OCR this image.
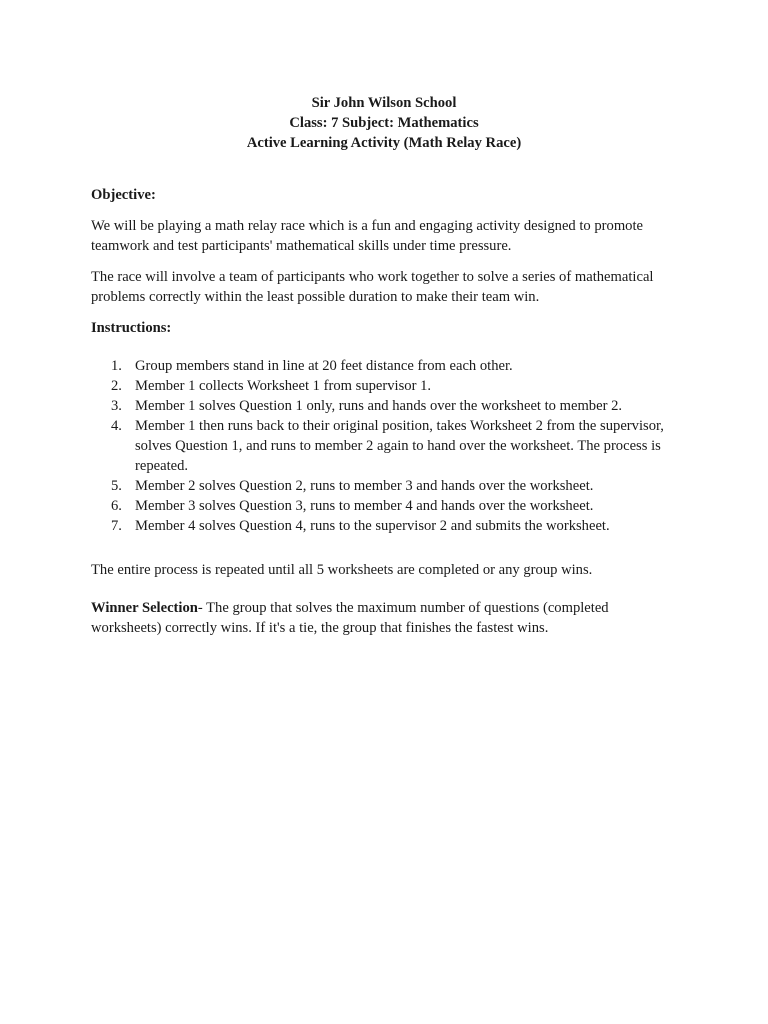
Sir John Wilson School
Class: 7 Subject: Mathematics
Active Learning Activity (Math Relay Race)
Objective:

We will be playing a math relay race which is a fun and engaging activity designed to promote teamwork and test participants' mathematical skills under time pressure.

The race will involve a team of participants who work together to solve a series of mathematical problems correctly within the least possible duration to make their team win.

Instructions:
1. Group members stand in line at 20 feet distance from each other.
2. Member 1 collects Worksheet 1 from supervisor 1.
3. Member 1 solves Question 1 only, runs and hands over the worksheet to member 2.
4. Member 1 then runs back to their original position, takes Worksheet 2 from the supervisor, solves Question 1, and runs to member 2 again to hand over the worksheet. The process is repeated.
5. Member 2 solves Question 2, runs to member 3 and hands over the worksheet.
6. Member 3 solves Question 3, runs to member 4 and hands over the worksheet.
7. Member 4 solves Question 4, runs to the supervisor 2 and submits the worksheet.

The entire process is repeated until all 5 worksheets are completed or any group wins.

Winner Selection- The group that solves the maximum number of questions (completed worksheets) correctly wins. If it's a tie, the group that finishes the fastest wins.
